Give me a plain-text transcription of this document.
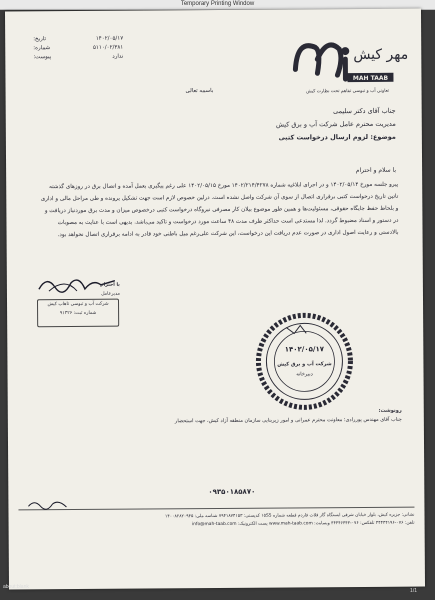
Temporary Printing Window
۱۴۰۲/۰۵/۱۷
تاریخ:
۵۱۱۰/۰۲/۳۸۱
شماره:
ندارد
پیوست:	مهر کیش
MAH TAAB
تعاونی آب و تبوسی تفاهم تحت نظارت کیش
باسمه تعالی
جناب آقای دکتر سلیمی
مدیریت محترم عامل شرکت آب و برق کیش
موضوع: لزوم ارسال درخواست کتبی
با سلام و احترام

پیرو جلسه مورخ ۱۴۰۲/۰۵/۱۴ و در اجرای ابلاغیه شماره ۱۴۰۲/۲۱۴/۴۲۷۸ مورخ ۱۴۰۲/۰۵/۱۵ علی رغم پیگیری بعمل آمده و اتصال برق در روزهای گذشته تاتین تاریخ درخواست کتبی برقراری اتصال از سوی آن شرکت واصل نشده است. درلین خصوص لازم است جهت تشکیل پرونده و طی مراحل مالی و اداری و بلحاظ حفظ جایگاه حقوقی، مسئولیت‌ها و همین طور موضوع بیلان کار مصرفی نیروگاه درخواست کتبی درخصوص میزان و مدت برق موردنیاز دریافت و در دستور و اسناد مضبوط گردد. لذا مستدعی است حداکثر ظرف مدت ۴۸ ساعت مورد درخواست و تاکید می‌باشد. بدیهی است با عنایت به مصوبات بالادستی و رعایت اصول اداری در صورت عدم دریافت این درخواست، این شرکت علی‌رغم میل باطنی خود قادر به ادامه برقراری اتصال نخواهد بود.

با احترام
مدیرعامل
شرکت آب و تبوسی تاهاب کیش
شماره ثبت: ۹۱۳۲۶
۱۴۰۲/۰۵/۱۷
شرکت آب و برق کیش
دبیرخانه
رونوشت:
جناب آقای مهندس پوررادی؛ معاونت محترم عمرانی و امور زیربنایی سازمان منطقه آزاد کیش، جهت استحضار
۰۹۳۵۰۱۸۵۸۷۰
نشانی: جزیره کیش، بلوار خیابان شرقی ایستگاه گاز قلات فاردم قطعه شماره ۱۵S5 کدپستی: ۷۹۴۱۸۷۴۱۵۳ شناسه ملی: ۱۴۰۰۸۲۸۲۰۹۴۵
تلفن: ۰۷۶-۴۴۴۴۴۱۹۶ تلفکس: ۰۷۶-۴۴۴۴۶۴۴۳ وبسایت: www.mah-taab.com پست الکترونیک: info@mah-taab.com
about:blank
1/1
